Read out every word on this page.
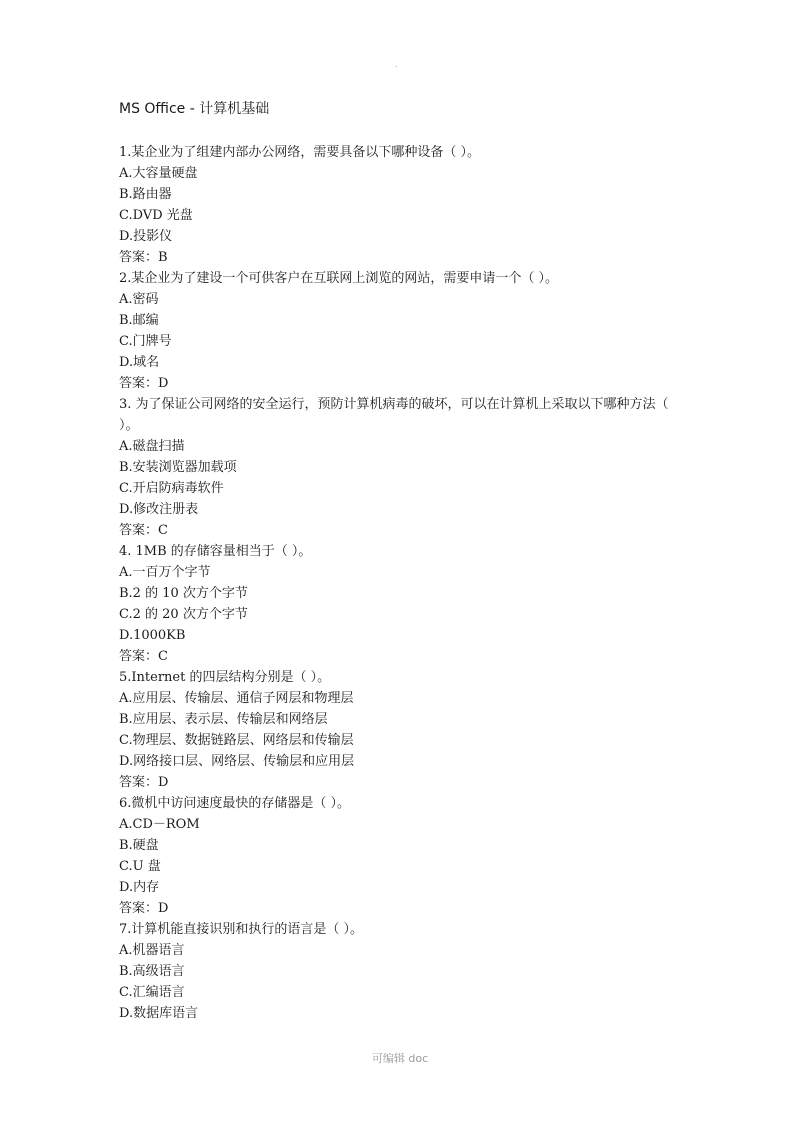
.
MS Office - 计算机基础
1.某企业为了组建内部办公网络，需要具备以下哪种设备（ ）。
A.大容量硬盘
B.路由器
C.DVD 光盘
D.投影仪
答案：B
2.某企业为了建设一个可供客户在互联网上浏览的网站，需要申请一个（ ）。
A.密码
B.邮编
C.门牌号
D.域名
答案：D
3. 为了保证公司网络的安全运行，预防计算机病毒的破坏，可以在计算机上采取以下哪种方法（ ）。
A.磁盘扫描
B.安装浏览器加载项
C.开启防病毒软件
D.修改注册表
答案：C
4. 1MB 的存储容量相当于（ ）。
A.一百万个字节
B.2 的 10 次方个字节
C.2 的 20 次方个字节
D.1000KB
答案：C
5.Internet 的四层结构分别是（ ）。
A.应用层、传输层、通信子网层和物理层
B.应用层、表示层、传输层和网络层
C.物理层、数据链路层、网络层和传输层
D.网络接口层、网络层、传输层和应用层
答案：D
6.微机中访问速度最快的存储器是（ ）。
A.CD－ROM
B.硬盘
C.U 盘
D.内存
答案：D
7.计算机能直接识别和执行的语言是（ ）。
A.机器语言
B.高级语言
C.汇编语言
D.数据库语言
可编辑 doc
